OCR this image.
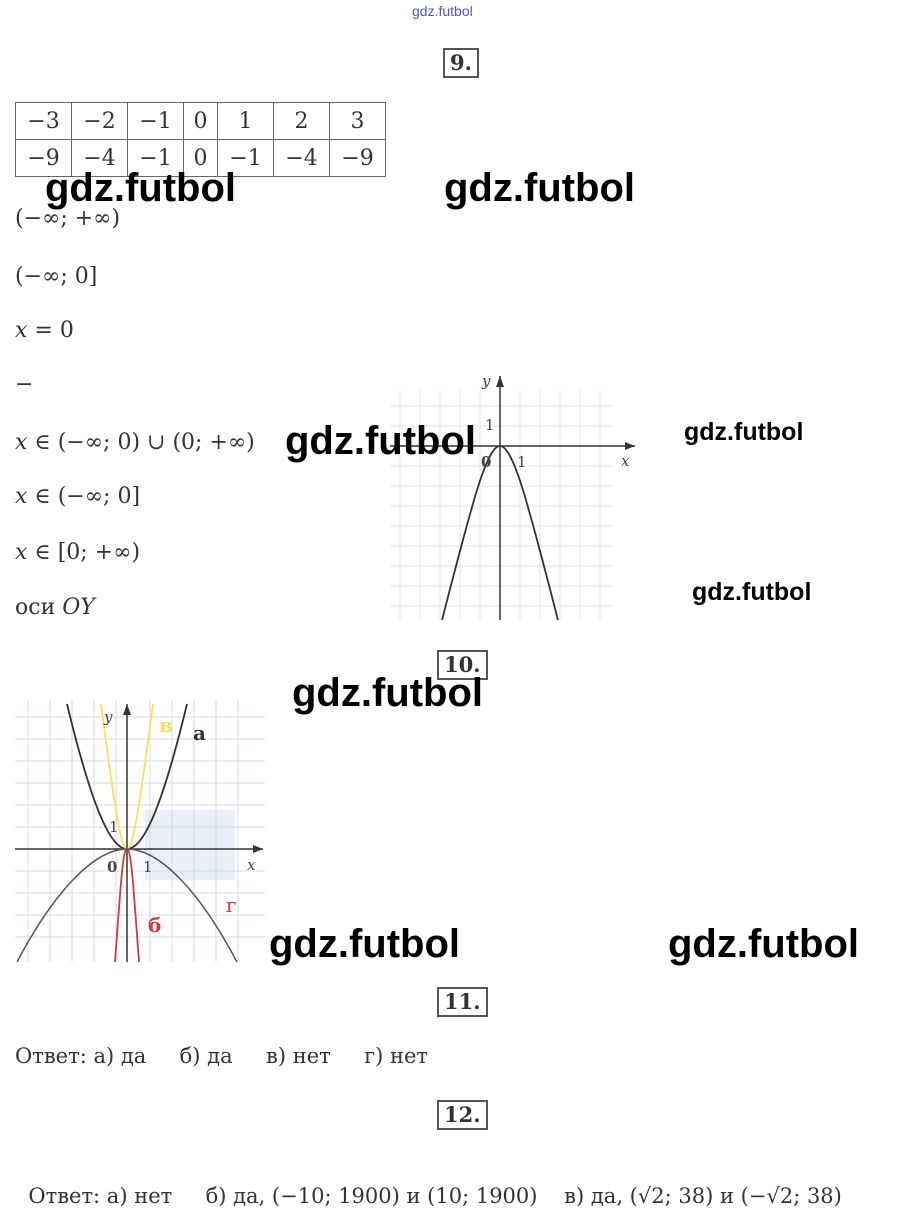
gdz.futbol
9.
−3	−2	−1	0	1	2	3
−9	−4	−1	0	−1	−4	−9
(−∞; +∞)
(−∞; 0]
x = 0
−
x ∈ (−∞; 0) ∪ (0; +∞)
x ∈ (−∞; 0]
x ∈ [0; +∞)
оси OY
y
x
1
0 1
10.
y
x
1
0 1
а
в
б
г
11.
Ответ: а) да     б) да     в) нет     г) нет
12.

Ответ: а) нет     б) да, (−10; 1900) и (10; 1900)    в) да, (√2; 38) и (−√2; 38)

gdz.futbol	gdz.futbol
gdz.futbol	gdz.futbol
gdz.futbol
gdz.futbol
gdz.futbol	gdz.futbol
